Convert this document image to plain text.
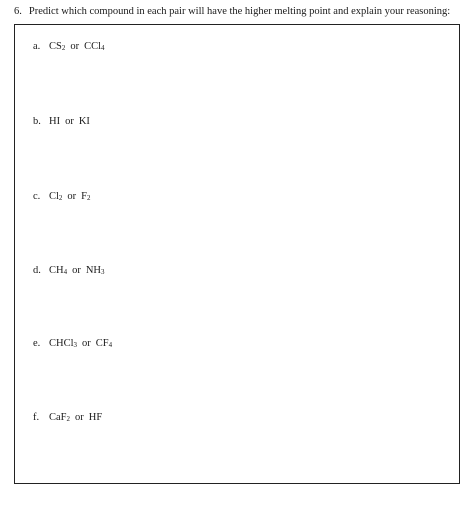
6. Predict which compound in each pair will have the higher melting point and explain your reasoning:
a. $CS_2$ or CCl$_4$
b. HI or KI
c. $Cl_2$ or $F_2$
d. $CH_4$ or $NH_3$
e. CHCl$_3$ or $CF_4$
f. CaF$_2$ or HF
